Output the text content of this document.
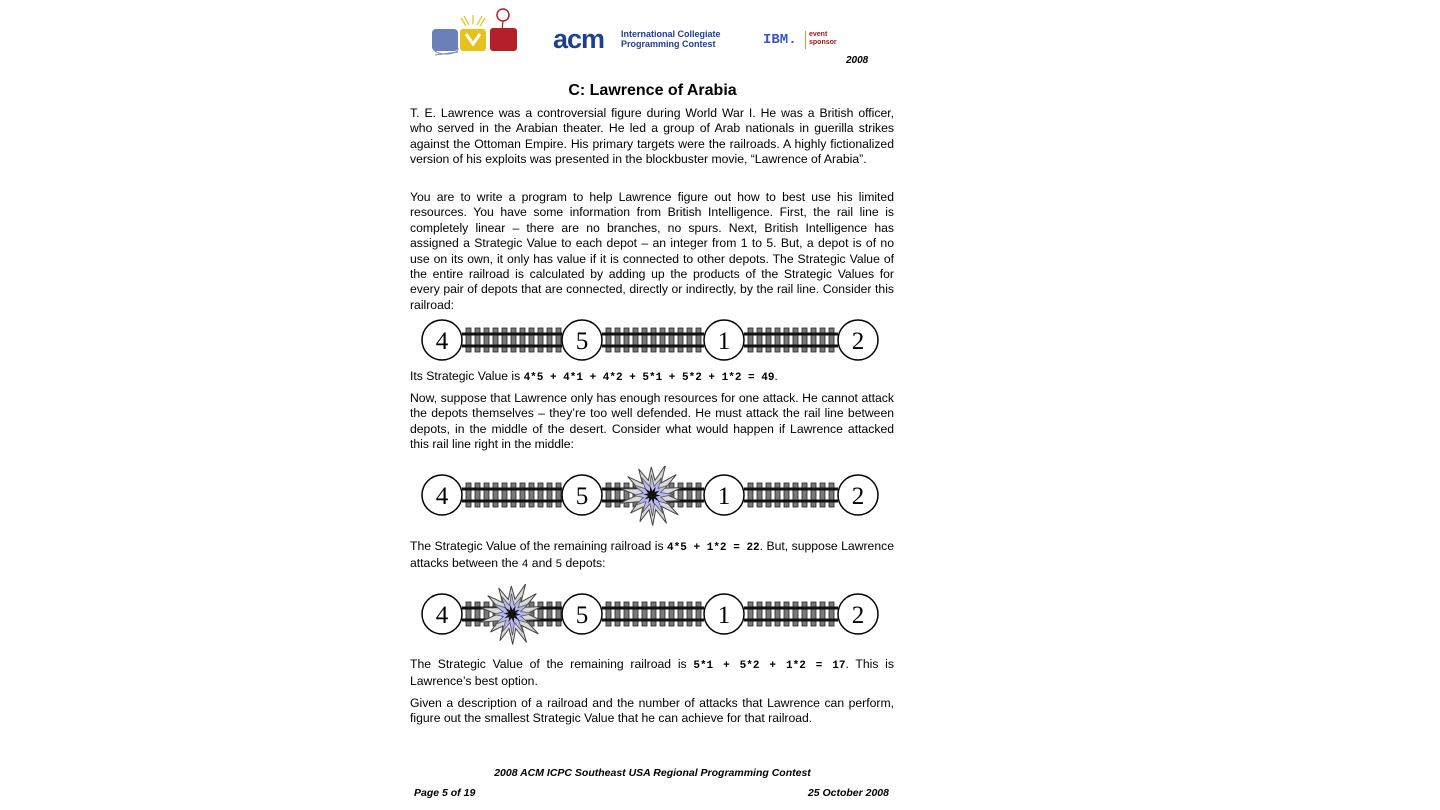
acm International Collegiate
Programming Contest	IBM. event
sponsor
2008
C: Lawrence of Arabia

T. E. Lawrence was a controversial figure during World War I. He was a British officer, who served in the Arabian theater. He led a group of Arab nationals in guerilla strikes against the Ottoman Empire. His primary targets were the railroads. A highly fictionalized version of his exploits was presented in the blockbuster movie, “Lawrence of Arabia”.

You are to write a program to help Lawrence figure out how to best use his limited resources. You have some information from British Intelligence. First, the rail line is completely linear – there are no branches, no spurs. Next, British Intelligence has assigned a Strategic Value to each depot – an integer from 1 to 5. But, a depot is of no use on its own, it only has value if it is connected to other depots. The Strategic Value of the entire railroad is calculated by adding up the products of the Strategic Values for every pair of depots that are connected, directly or indirectly, by the rail line. Consider this railroad:

4	5	1	2

Its Strategic Value is 4*5 + 4*1 + 4*2 + 5*1 + 5*2 + 1*2 = 49.

Now, suppose that Lawrence only has enough resources for one attack. He cannot attack the depots themselves – they’re too well defended. He must attack the rail line between depots, in the middle of the desert. Consider what would happen if Lawrence attacked this rail line right in the middle:

4	5	1	2

The Strategic Value of the remaining railroad is 4*5 + 1*2 = 22. But, suppose Lawrence attacks between the 4 and 5 depots:

4	5	1	2

The Strategic Value of the remaining railroad is 5*1 + 5*2 + 1*2 = 17. This is Lawrence’s best option.

Given a description of a railroad and the number of attacks that Lawrence can perform, figure out the smallest Strategic Value that he can achieve for that railroad.

2008 ACM ICPC Southeast USA Regional Programming Contest
Page 5 of 19	25 October 2008
